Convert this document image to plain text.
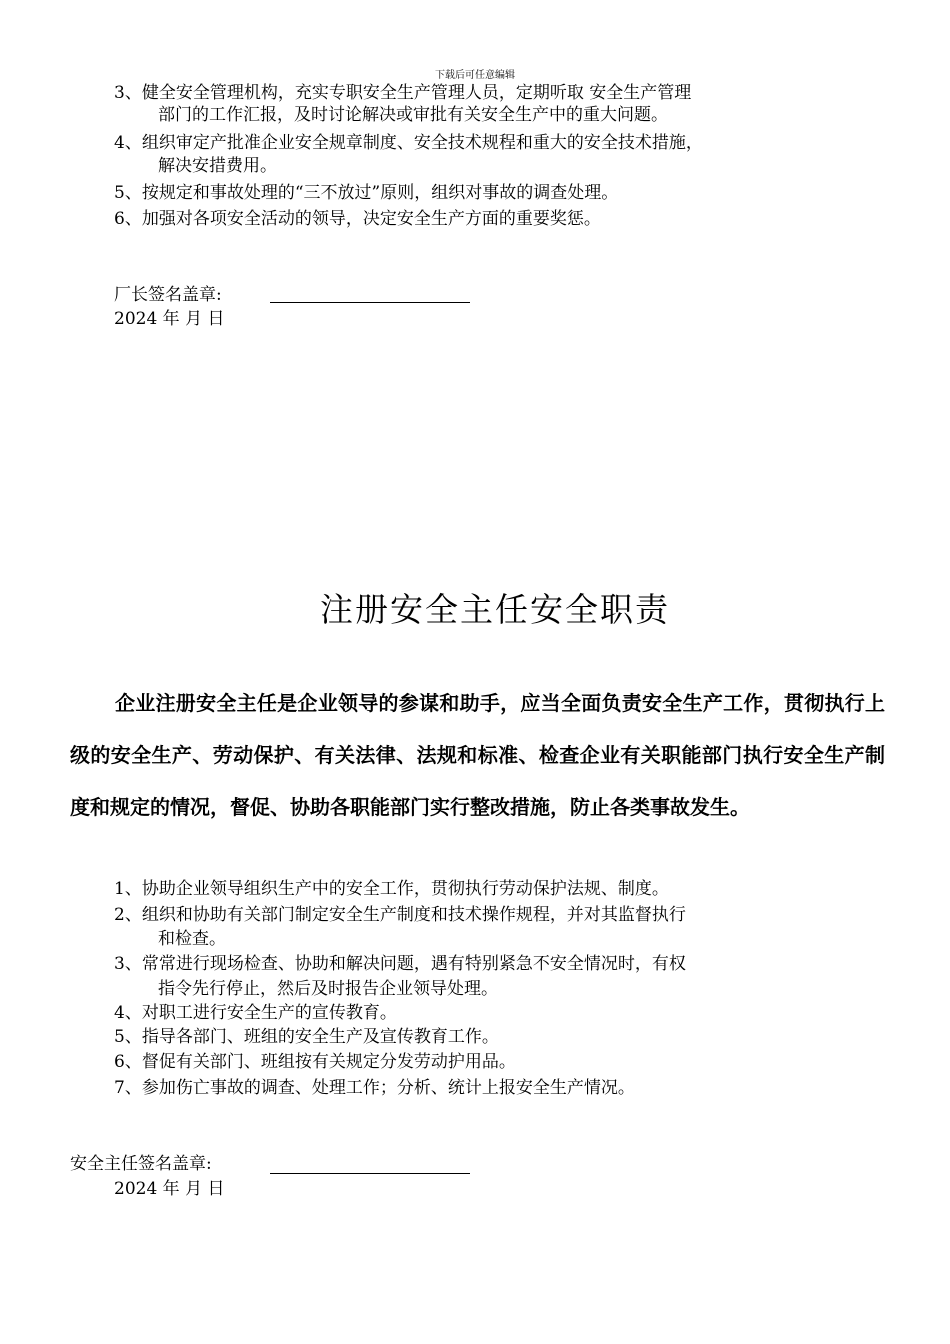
下载后可任意编辑
3、健全安全管理机构，充实专职安全生产管理人员，定期听取 安全生产管理
部门的工作汇报，及时讨论解决或审批有关安全生产中的重大问题。
4、组织审定产批准企业安全规章制度、安全技术规程和重大的安全技术措施，
解决安措费用。
5、按规定和事故处理的“三不放过”原则，组织对事故的调查处理。
6、加强对各项安全活动的领导，决定安全生产方面的重要奖惩。
厂长签名盖章:
2024 年 月 日
注册安全主任安全职责
企业注册安全主任是企业领导的参谋和助手，应当全面负责安全生产工作，贯彻执行上级的安全生产、劳动保护、有关法律、法规和标准、检查企业有关职能部门执行安全生产制度和规定的情况，督促、协助各职能部门实行整改措施，防止各类事故发生。
1、协助企业领导组织生产中的安全工作，贯彻执行劳动保护法规、制度。
2、组织和协助有关部门制定安全生产制度和技术操作规程，并对其监督执行
和检查。
3、常常进行现场检查、协助和解决问题，遇有特别紧急不安全情况时，有权
指令先行停止，然后及时报告企业领导处理。
4、对职工进行安全生产的宣传教育。
5、指导各部门、班组的安全生产及宣传教育工作。
6、督促有关部门、班组按有关规定分发劳动护用品。
7、参加伤亡事故的调查、处理工作；分析、统计上报安全生产情况。
安全主任签名盖章:
2024 年 月 日
